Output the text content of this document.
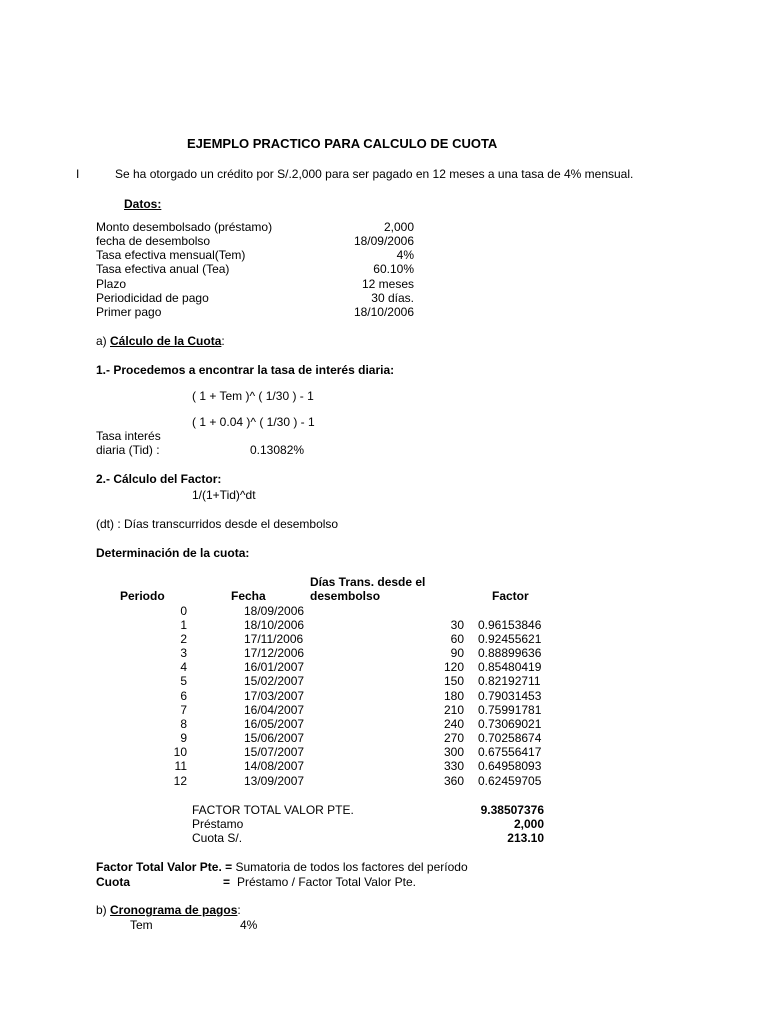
EJEMPLO PRACTICO PARA CALCULO DE CUOTA
I	Se ha otorgado un crédito por S/.2,000 para ser pagado en 12 meses a una tasa de 4% mensual.
Datos:
Monto desembolsado (préstamo)	2,000
fecha de desembolso	18/09/2006
Tasa efectiva mensual(Tem)	4%
Tasa efectiva anual (Tea)	60.10%
Plazo	12 meses
Periodicidad de pago	30 días.
Primer pago	18/10/2006
a) Cálculo de la Cuota:
1.- Procedemos a encontrar la tasa de interés diaria:
( 1 + Tem )^ ( 1/30 ) - 1
( 1 + 0.04 )^ ( 1/30 ) - 1
Tasa interés
diaria (Tid) :	0.13082%
2.- Cálculo del Factor:
1/(1+Tid)^dt
(dt) : Días transcurridos desde el desembolso
Determinación de la cuota:
Días Trans. desde el
Periodo	Fecha	desembolso	Factor
0	18/09/2006
1	18/10/2006	30 0.96153846
2	17/11/2006	60 0.92455621
3	17/12/2006	90 0.88899636
4	16/01/2007	120 0.85480419
5	15/02/2007	150 0.82192711
6	17/03/2007	180 0.79031453
7	16/04/2007	210 0.75991781
8	16/05/2007	240 0.73069021
9	15/06/2007	270 0.70258674
10	15/07/2007	300 0.67556417
11	14/08/2007	330 0.64958093
12	13/09/2007	360 0.62459705
FACTOR TOTAL VALOR PTE.	9.38507376
Préstamo	2,000
Cuota S/.	213.10
Factor Total Valor Pte. = Sumatoria de todos los factores del período
Cuota	= Préstamo / Factor Total Valor Pte.
b) Cronograma de pagos:
Tem	4%
